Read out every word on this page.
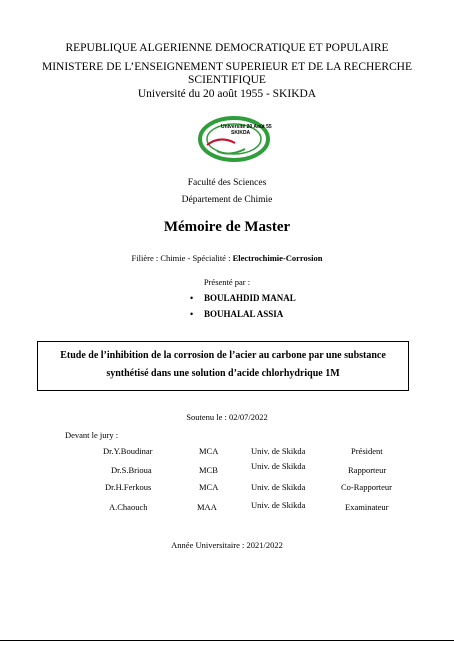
REPUBLIQUE ALGERIENNE DEMOCRATIQUE ET POPULAIRE
MINISTERE DE L’ENSEIGNEMENT SUPERIEUR ET DE LA RECHERCHE
SCIENTIFIQUE
Université du 20 août 1955 - SKIKDA
Université 20 Août 55
SKIKDA
Faculté des Sciences
Département de Chimie
Mémoire de Master
Filière : Chimie - Spécialité : Electrochimie-Corrosion
Présenté par :
• BOULAHDID MANAL
• BOUHALAL ASSIA
Etude de l’inhibition de la corrosion de l’acier au carbone par une substance
synthétisé dans une solution d’acide chlorhydrique 1M
Soutenu le : 02/07/2022
Devant le jury :
Dr.Y.Boudinar	MCA	Univ. de Skikda	Président
Dr.S.Brioua	MCB	Univ. de Skikda	Rapporteur
Dr.H.Ferkous	MCA	Univ. de Skikda	Co-Rapporteur
A.Chaouch	MAA	Univ. de Skikda	Examinateur
Année Universitaire : 2021/2022
